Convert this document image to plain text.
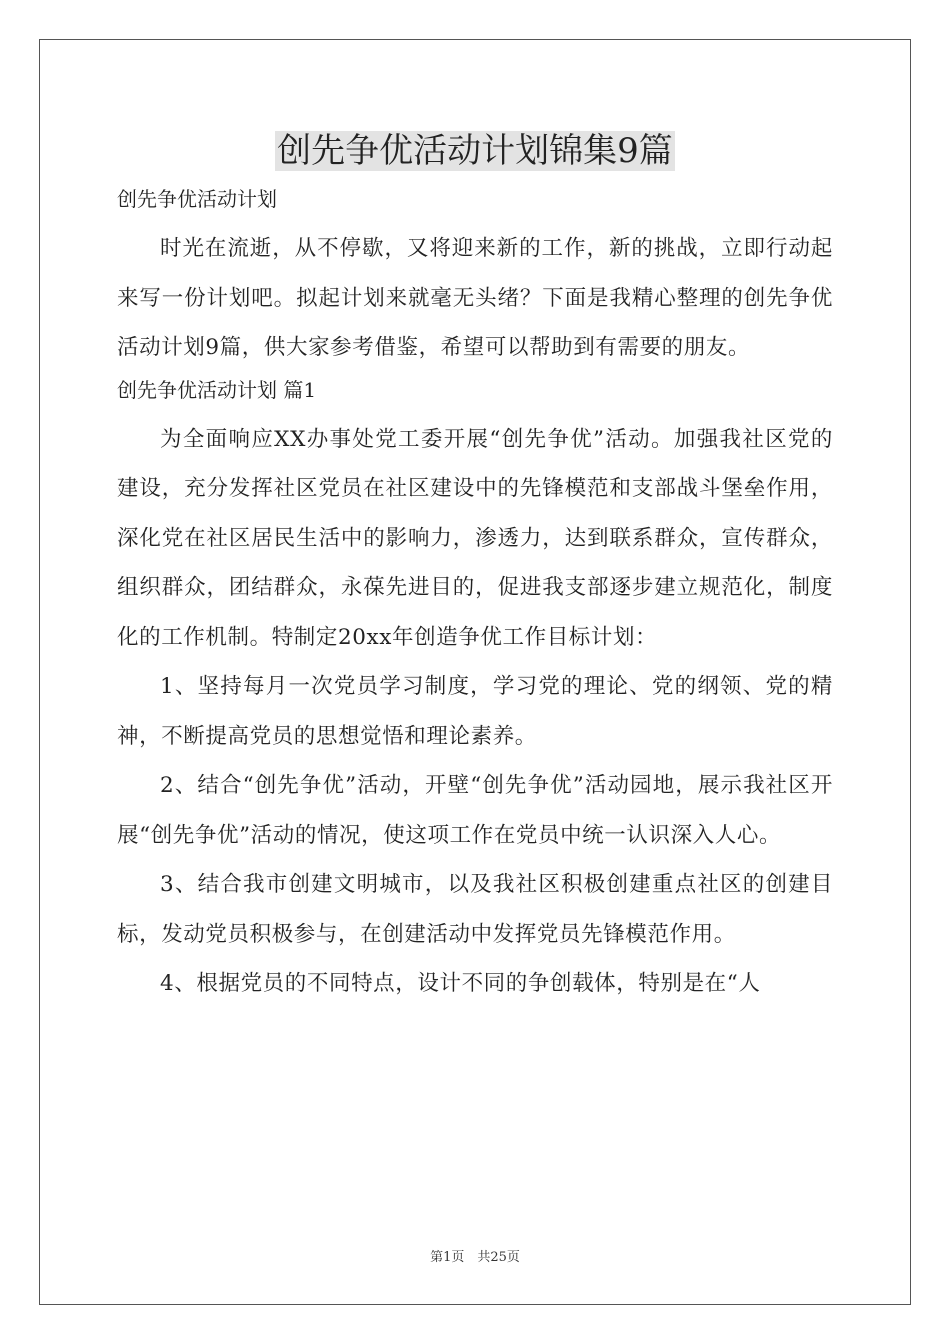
创先争优活动计划锦集9篇
创先争优活动计划

时光在流逝，从不停歇，又将迎来新的工作，新的挑战，立即行动起来写一份计划吧。拟起计划来就毫无头绪？下面是我精心整理的创先争优活动计划9篇，供大家参考借鉴，希望可以帮助到有需要的朋友。

创先争优活动计划 篇1

为全面响应XX办事处党工委开展“创先争优”活动。加强我社区党的建设，充分发挥社区党员在社区建设中的先锋模范和支部战斗堡垒作用，深化党在社区居民生活中的影响力，渗透力，达到联系群众，宣传群众，组织群众，团结群众，永葆先进目的，促进我支部逐步建立规范化，制度化的工作机制。特制定20xx年创造争优工作目标计划：

1、坚持每月一次党员学习制度，学习党的理论、党的纲领、党的精神，不断提高党员的思想觉悟和理论素养。

2、结合“创先争优”活动，开壁“创先争优”活动园地，展示我社区开展“创先争优”活动的情况，使这项工作在党员中统一认识深入人心。

3、结合我市创建文明城市，以及我社区积极创建重点社区的创建目标，发动党员积极参与，在创建活动中发挥党员先锋模范作用。

4、根据党员的不同特点，设计不同的争创载体，特别是在“人

第1页　共25页
